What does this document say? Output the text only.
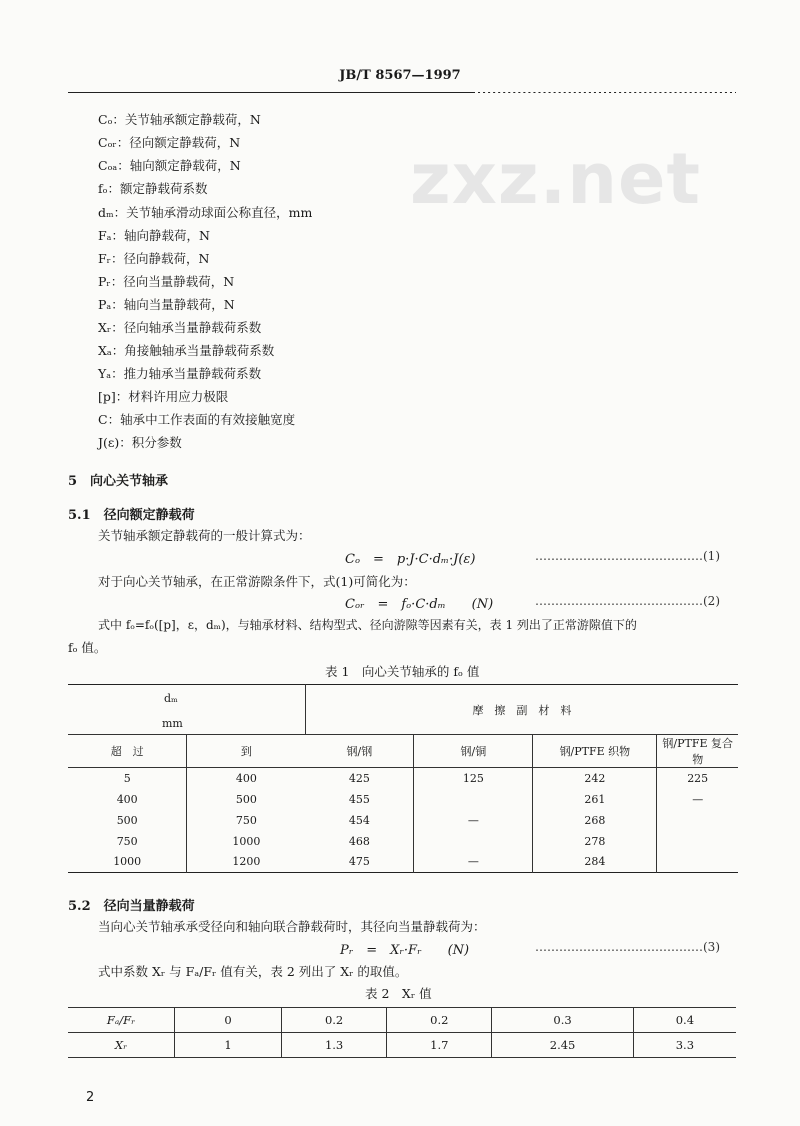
zxz.net
JB/T 8567—1997
Cₒ：关节轴承额定静载荷，N
Cₒᵣ：径向额定静载荷，N
Cₒₐ：轴向额定静载荷，N
fₒ：额定静载荷系数
dₘ：关节轴承滑动球面公称直径，mm
Fₐ：轴向静载荷，N
Fᵣ：径向静载荷，N
Pᵣ：径向当量静载荷，N
Pₐ：轴向当量静载荷，N
Xᵣ：径向轴承当量静载荷系数
Xₐ：角接触轴承当量静载荷系数
Yₐ：推力轴承当量静载荷系数
[p]：材料许用应力极限
C：轴承中工作表面的有效接触宽度
J(ε)：积分参数
5　向心关节轴承
5.1　径向额定静载荷
关节轴承额定静载荷的一般计算式为：
Cₒ　=　p·J·C·dₘ·J(ε)	……………………………………(1)
对于向心关节轴承，在正常游隙条件下，式(1)可简化为：
Cₒᵣ　=　fₒ·C·dₘ　　(N)	……………………………………(2)
式中 fₒ=fₒ([p]，ε，dₘ)，与轴承材料、结构型式、径向游隙等因素有关，表 1 列出了正常游隙值下的
fₒ 值。
表 1　向心关节轴承的 fₒ 值
dₘ		摩　擦　副　材　料			
mm					
超　过	到	钢/钢	钢/铜	钢/PTFE 织物	钢/PTFE 复合物
5	400	425	125	242	225
400	500	455		261	—
500	750	454	—	268	
750	1000	468		278	
1000	1200	475	—	284	
5.2　径向当量静载荷
当向心关节轴承承受径向和轴向联合静载荷时，其径向当量静载荷为：
Pᵣ　=　Xᵣ·Fᵣ　　(N)	……………………………………(3)
式中系数 Xᵣ 与 Fₐ/Fᵣ 值有关，表 2 列出了 Xᵣ 的取值。
表 2　Xᵣ 值
Fₐ/Fᵣ	0	0.2	0.2	0.3	0.4
Xᵣ	1	1.3	1.7	2.45	3.3
2
